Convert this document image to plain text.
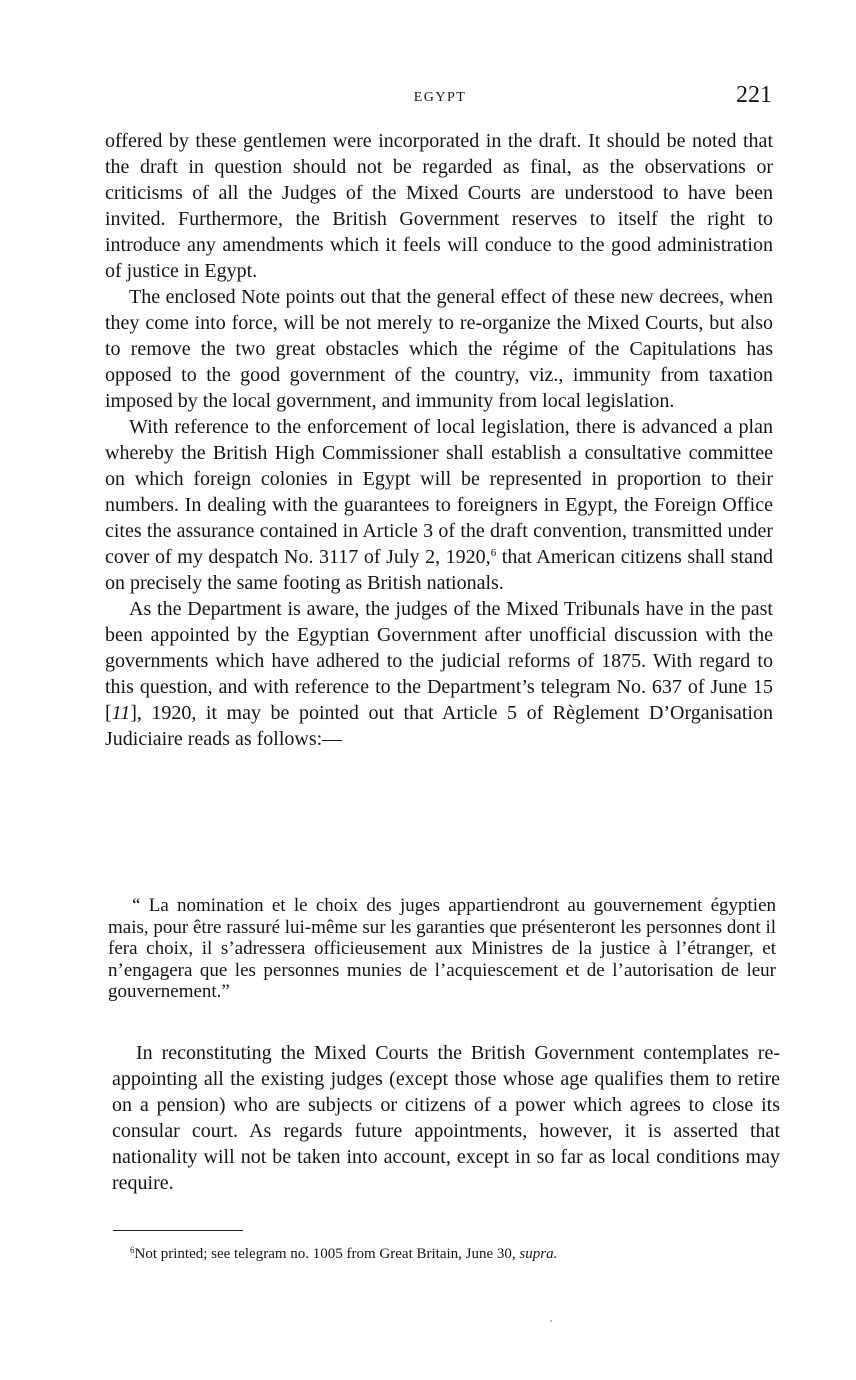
EGYPT	221

offered by these gentlemen were incorporated in the draft. It should be noted that the draft in question should not be regarded as final, as the observations or criticisms of all the Judges of the Mixed Courts are understood to have been invited. Furthermore, the British Government reserves to itself the right to introduce any amendments which it feels will conduce to the good administration of justice in Egypt.

The enclosed Note points out that the general effect of these new decrees, when they come into force, will be not merely to re-organize the Mixed Courts, but also to remove the two great obstacles which the régime of the Capitulations has opposed to the good government of the country, viz., immunity from taxation imposed by the local government, and immunity from local legislation.

With reference to the enforcement of local legislation, there is advanced a plan whereby the British High Commissioner shall establish a consultative committee on which foreign colonies in Egypt will be represented in proportion to their numbers. In dealing with the guarantees to foreigners in Egypt, the Foreign Office cites the assurance contained in Article 3 of the draft convention, transmitted under cover of my despatch No. 3117 of July 2, 1920,$^6$ that American citizens shall stand on precisely the same footing as British nationals.

As the Department is aware, the judges of the Mixed Tribunals have in the past been appointed by the Egyptian Government after unofficial discussion with the governments which have adhered to the judicial reforms of 1875. With regard to this question, and with reference to the Department’s telegram No. 637 of June 15 [11], 1920, it may be pointed out that Article 5 of Règlement D’Organisation Judiciaire reads as follows:—

“ La nomination et le choix des juges appartiendront au gouvernement égyptien mais, pour être rassuré lui-même sur les garanties que présenteront les personnes dont il fera choix, il s’adressera officieusement aux Ministres de la justice à l’étranger, et n’engagera que les personnes munies de l’acquiescement et de l’autorisation de leur gouvernement.”

In reconstituting the Mixed Courts the British Government contemplates re-appointing all the existing judges (except those whose age qualifies them to retire on a pension) who are subjects or citizens of a power which agrees to close its consular court. As regards future appointments, however, it is asserted that nationality will not be taken into account, except in so far as local conditions may require.

$^6$Not printed; see telegram no. 1005 from Great Britain, June 30, supra.
